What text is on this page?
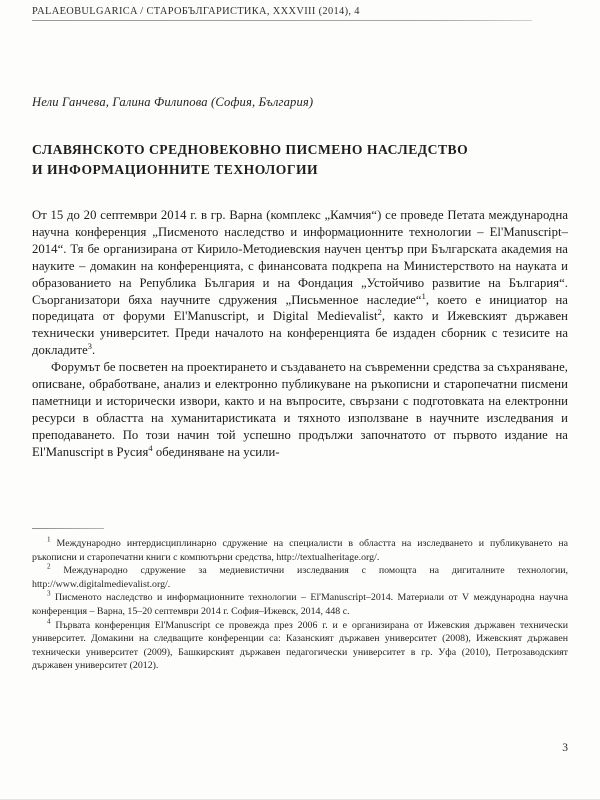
PALAEOBULGARICA / СТАРОБЪЛГАРИСТИКА, XXXVIII (2014), 4
Нели Ганчева, Галина Филипова (София, България)
СЛАВЯНСКОТО СРЕДНОВЕКОВНО ПИСМЕНО НАСЛЕДСТВО
И ИНФОРМАЦИОННИТЕ ТЕХНОЛОГИИ

От 15 до 20 септември 2014 г. в гр. Варна (комплекс „Камчия“) се проведе Петата международна научна конференция „Писменото наследство и информационните технологии – El'Manuscript–2014“. Тя бе организирана от Кирило-Методиевския научен център при Българската академия на науките – домакин на конференцията, с финансовата подкрепа на Министерството на науката и образованието на Република България и на Фондация „Устойчиво развитие на България“. Съорганизатори бяха научните сдружения „Письменное наследие“$^1$, което е инициатор на поредицата от форуми El'Manuscript, и Digital Medievalist$^2$, както и Ижевският държавен технически университет. Преди началото на конференцията бе издаден сборник с тезисите на докладите$^3$.

Форумът бе посветен на проектирането и създаването на съвременни средства за съхраняване, описване, обработване, анализ и електронно публикуване на ръкописни и старопечатни писмени паметници и исторически извори, както и на въпросите, свързани с подготовката на електронни ресурси в областта на хуманитаристиката и тяхното използване в научните изследвания и преподаването. По този начин той успешно продължи започнатото от първото издание на El'Manuscript в Русия$^4$ обединяване на усили-

$^1$ Международно интердисциплинарно сдружение на специалисти в областта на изследването и публикуването на ръкописни и старопечатни книги с компютърни средства, http://textualheritage.org/.

$^2$ Международно сдружение за медиевистични изследвания с помощта на дигиталните технологии, http://www.digitalmedievalist.org/.

$^3$ Писменото наследство и информационните технологии – El'Manuscript–2014. Материали от V международна научна конференция – Варна, 15–20 септември 2014 г. София–Ижевск, 2014, 448 с.

$^4$ Първата конференция El'Manuscript се провежда през 2006 г. и е организирана от Ижевския държавен технически университет. Домакини на следващите конференции са: Казанският държавен университет (2008), Ижевският държавен технически университет (2009), Башкирският държавен педагогически университет в гр. Уфа (2010), Петрозаводският държавен университет (2012).

3
